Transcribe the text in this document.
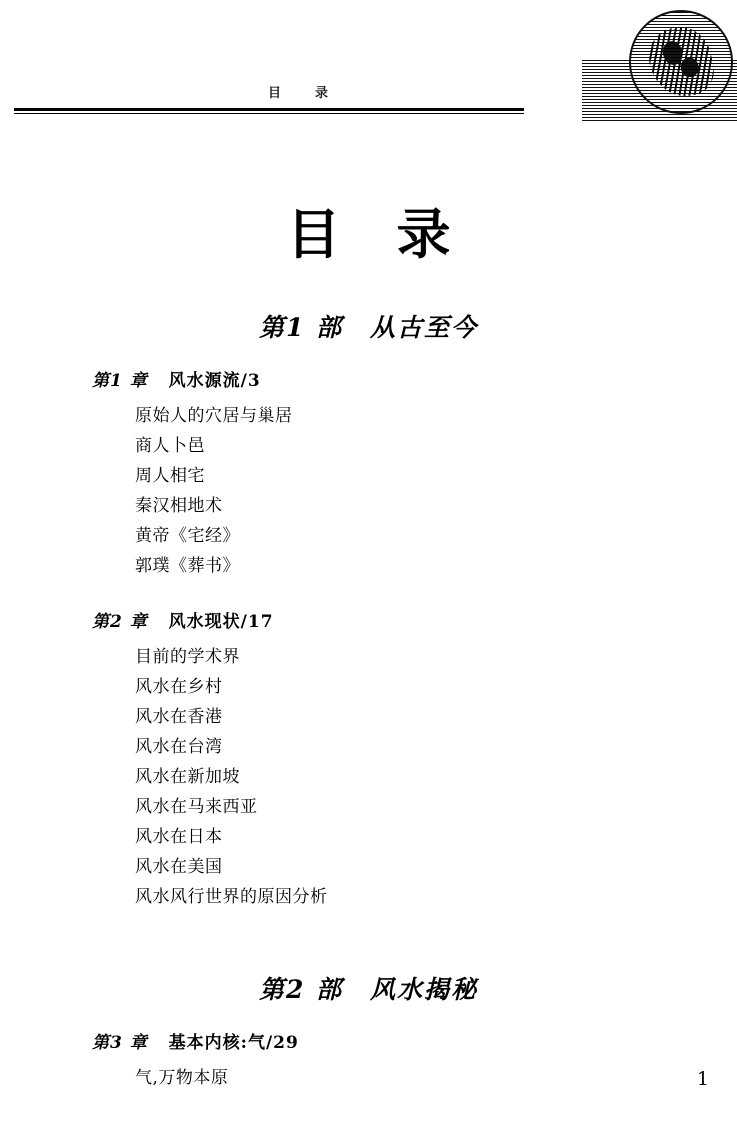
目录
目录
第1 部　从古至今
第1 章 风水源流/3
原始人的穴居与巢居
商人卜邑
周人相宅
秦汉相地术
黄帝《宅经》
郭璞《葬书》
第2 章 风水现状/17
目前的学术界
风水在乡村
风水在香港
风水在台湾
风水在新加坡
风水在马来西亚
风水在日本
风水在美国
风水风行世界的原因分析
第2 部　风水揭秘
第3 章 基本内核:气/29
气,万物本原	1
